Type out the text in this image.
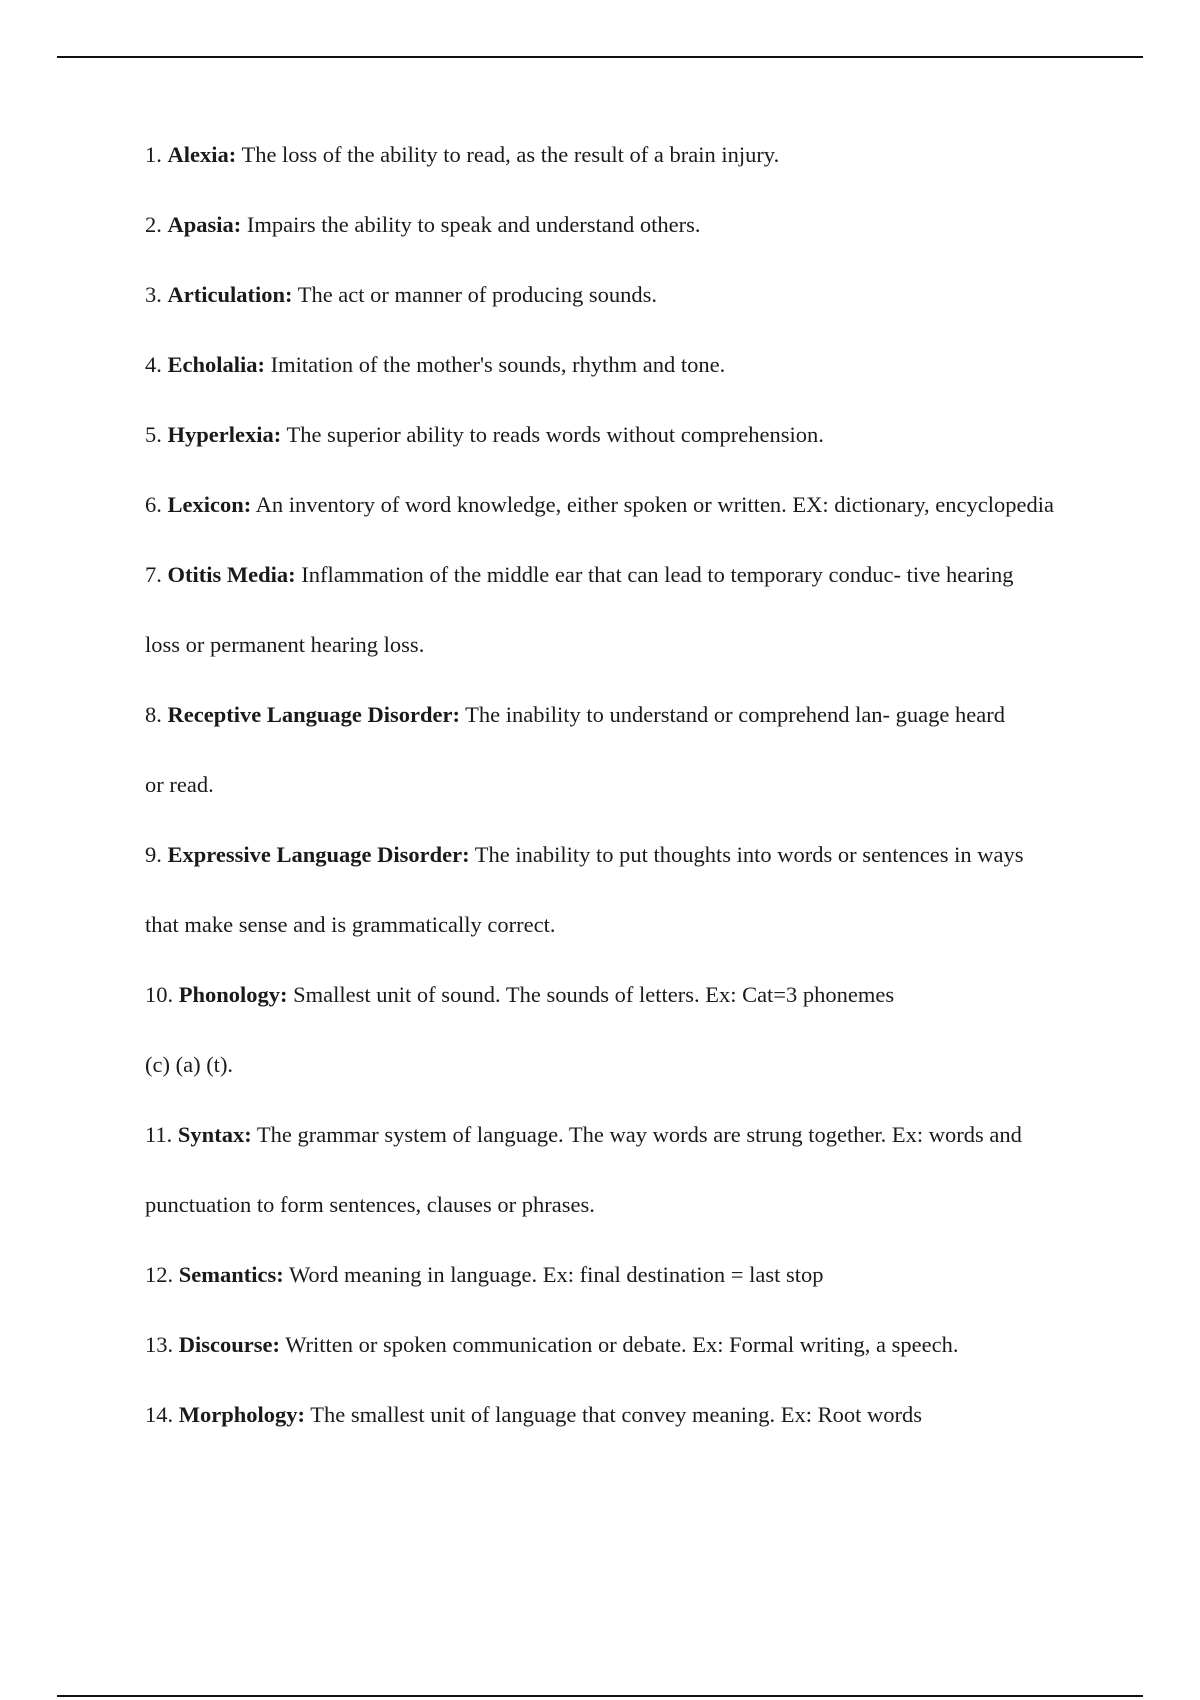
1. Alexia: The loss of the ability to read, as the result of a brain injury.
2. Apasia: Impairs the ability to speak and understand others.
3. Articulation: The act or manner of producing sounds.
4. Echolalia: Imitation of the mother's sounds, rhythm and tone.
5. Hyperlexia: The superior ability to reads words without comprehension.
6. Lexicon: An inventory of word knowledge, either spoken or written. EX: dictionary, encyclopedia
7. Otitis Media: Inflammation of the middle ear that can lead to temporary conduc- tive hearing
loss or permanent hearing loss.
8. Receptive Language Disorder: The inability to understand or comprehend lan- guage heard
or read.
9. Expressive Language Disorder: The inability to put thoughts into words or sentences in ways
that make sense and is grammatically correct.
10. Phonology: Smallest unit of sound. The sounds of letters. Ex: Cat=3 phonemes
(c) (a) (t).
11. Syntax: The grammar system of language. The way words are strung together. Ex: words and
punctuation to form sentences, clauses or phrases.
12. Semantics: Word meaning in language. Ex: final destination = last stop
13. Discourse: Written or spoken communication or debate. Ex: Formal writing, a speech.
14. Morphology: The smallest unit of language that convey meaning. Ex: Root words
